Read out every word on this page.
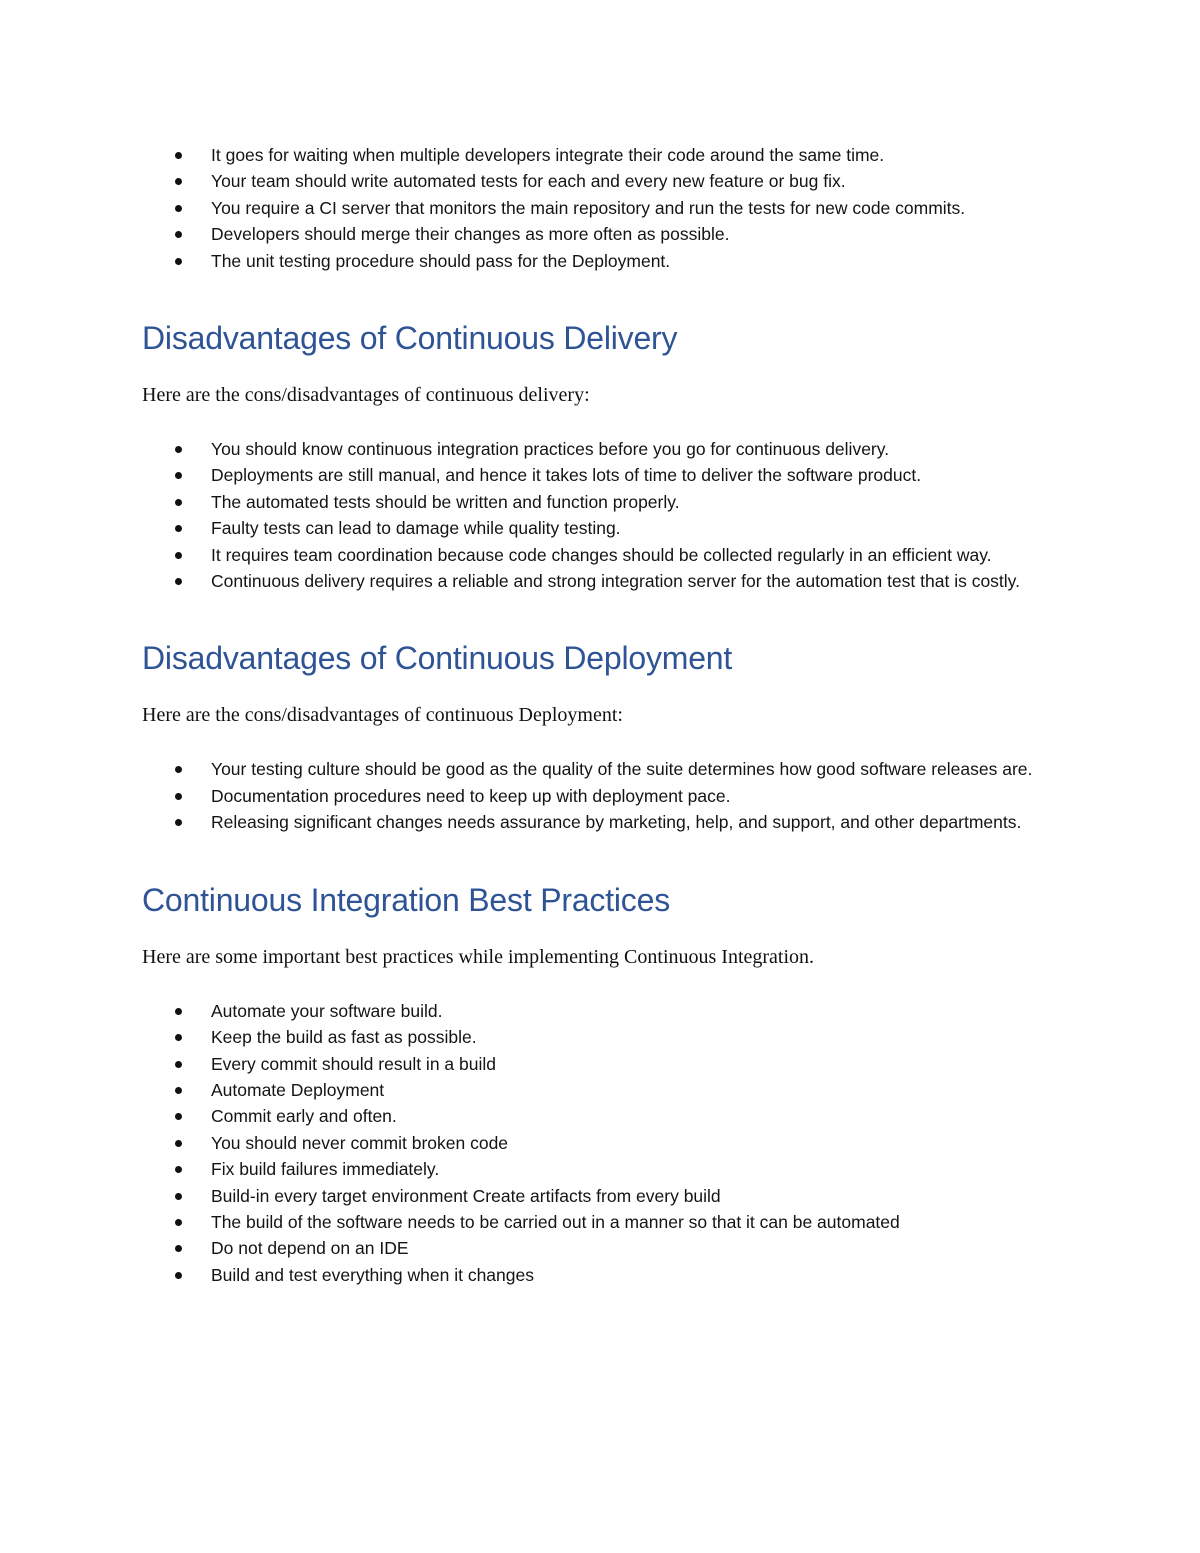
It goes for waiting when multiple developers integrate their code around the same time.
Your team should write automated tests for each and every new feature or bug fix.
You require a CI server that monitors the main repository and run the tests for new code commits.
Developers should merge their changes as more often as possible.
The unit testing procedure should pass for the Deployment.
Disadvantages of Continuous Delivery

Here are the cons/disadvantages of continuous delivery:

You should know continuous integration practices before you go for continuous delivery.
Deployments are still manual, and hence it takes lots of time to deliver the software product.
The automated tests should be written and function properly.
Faulty tests can lead to damage while quality testing.
It requires team coordination because code changes should be collected regularly in an efficient way.
Continuous delivery requires a reliable and strong integration server for the automation test that is costly.
Disadvantages of Continuous Deployment

Here are the cons/disadvantages of continuous Deployment:

Your testing culture should be good as the quality of the suite determines how good software releases are.
Documentation procedures need to keep up with deployment pace.
Releasing significant changes needs assurance by marketing, help, and support, and other departments.
Continuous Integration Best Practices

Here are some important best practices while implementing Continuous Integration.

Automate your software build.
Keep the build as fast as possible.
Every commit should result in a build
Automate Deployment
Commit early and often.
You should never commit broken code
Fix build failures immediately.
Build-in every target environment Create artifacts from every build
The build of the software needs to be carried out in a manner so that it can be automated
Do not depend on an IDE
Build and test everything when it changes
